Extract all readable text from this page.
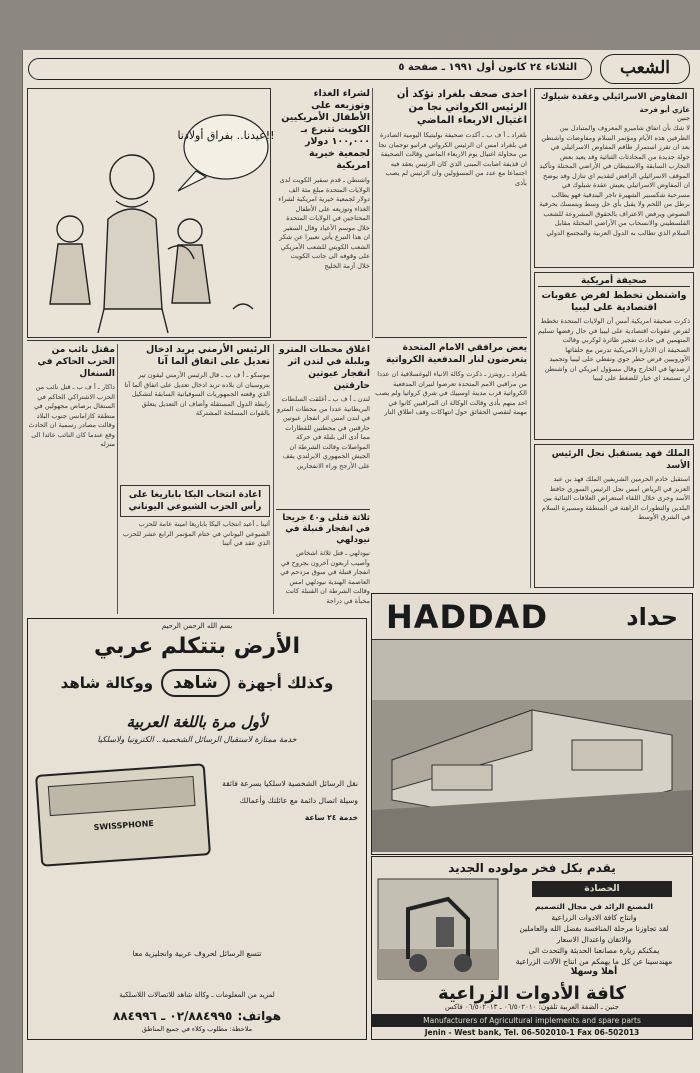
الثلاثاء ٢٤ كانون أول ١٩٩١ ـ صفحة ٥	الشعب
عيدنا.. بفراق أولادنا!!
لشراء الغذاء وتوزيعه على الأطفال الأمريكيين الكويت تتبرع بـ ١٠٠,٠٠٠ دولار لجمعية خيرية امريكية
واشنطن ـ قدم سفير الكويت لدى الولايات المتحدة مبلغ مئة الف دولار لجمعية خيرية امريكية لشراء الغذاء وتوزيعه على الأطفال المحتاجين في الولايات المتحدة خلال موسم الأعياد وقال السفير ان هذا التبرع يأتي تعبيرا عن شكر الشعب الكويتي للشعب الأمريكي على وقوفه الى جانب الكويت خلال أزمة الخليج
احدى صحف بلغراد تؤكد أن الرئيس الكرواتي نجا من اغتيال الاربعاء الماضي
بلغراد ـ أ ف ب ـ أكدت صحيفة بوليتيكا اليومية الصادرة في بلغراد امس ان الرئيس الكرواتي فرانيو توجمان نجا من محاولة اغتيال يوم الاربعاء الماضي وقالت الصحيفة ان قذيفة اصابت المبنى الذي كان الرئيس يعقد فيه اجتماعا مع عدد من المسؤولين وان الرئيس لم يصب بأذى
يعض مرافقي الامام المتحدة يتعرضون لنار المدفعية الكرواتية
بلغراد ـ رويترز ـ ذكرت وكالة الانباء اليوغسلافية ان عددا من مراقبي الامم المتحدة تعرضوا لنيران المدفعية الكرواتية قرب مدينة اوسييك في شرق كرواتيا ولم يصب احد منهم بأذى وقالت الوكالة ان المراقبين كانوا في مهمة لتقصي الحقائق حول انتهاكات وقف اطلاق النار
المفاوض الاسرائيلي وعقدة شيلوك
غازي أبو فرحة
جنين
لا شك بأن اتفاق شاميرو المعروف والمتبادل بين الطرفين هذه الأيام ومؤتمر السلام ومفاوضات واشنطن بعد ان تقرر استمرار طاقم المفاوض الاسرائيلي في جولة جديدة من المحادثات الثنائية وقد يعيد بعض التجارب السابقة والاستيطان في الأراضي المحتلة وتأكيد الموقف الاسرائيلي الرافض لتقديم اي تنازل وقد يوضح ان المفاوض الاسرائيلي يعيش عقدة شيلوك في مسرحية شكسبير الشهيرة تاجر البندقية فهو يطالب برطل من اللحم ولا يقبل بأي حل وسط ويتمسك بحرفية النصوص ويرفض الاعتراف بالحقوق المشروعة للشعب الفلسطيني والانسحاب من الأراضي المحتلة مقابل السلام الذي تطالب به الدول العربية والمجتمع الدولي
صحيفة أمريكية
واشنطن تخطط لفرض عقوبات اقتصادية على ليبيا
ذكرت صحيفة امريكية أمس أن الولايات المتحدة تخطط لفرض عقوبات اقتصادية على ليبيا في حال رفضها تسليم المتهمين في حادث تفجير طائرة لوكربي وقالت الصحيفة ان الادارة الامريكية تدرس مع حلفائها الأوروبيين فرض حظر جوي ونفطي على ليبيا وتجميد ارصدتها في الخارج وقال مسؤول امريكي ان واشنطن لن تستبعد اي خيار للضغط على ليبيا
الملك فهد يستقبل نجل الرئيس الأسد
استقبل خادم الحرمين الشريفين الملك فهد بن عبد العزيز في الرياض امس نجل الرئيس السوري حافظ الأسد وجرى خلال اللقاء استعراض العلاقات الثنائية بين البلدين والتطورات الراهنة في المنطقة ومسيرة السلام في الشرق الأوسط
اغلاق محطات المترو وبلبلة في لندن اثر انفجار عبوتين حارقتين
لندن ـ أ ف ب ـ أغلقت السلطات البريطانية عددا من محطات المترو في لندن امس اثر انفجار عبوتين حارقتين في محطتين للقطارات مما أدى الى بلبلة في حركة المواصلات وقالت الشرطة ان الجيش الجمهوري الايرلندي يقف على الأرجح وراء الانفجارين
ثلاثة قتلى و٤٠ جريحا في انفجار قنبلة في نيودلهي
نيودلهي ـ قتل ثلاثة اشخاص وأصيب اربعون آخرون بجروح في انفجار قنبلة في سوق مزدحم في العاصمة الهندية نيودلهي امس وقالت الشرطة ان القنبلة كانت مخبأة في دراجة
الرئيس الأرمني يريد ادخال تعديل على اتفاق ألما آتا
موسكو ـ أ ف ب ـ قال الرئيس الأرمني ليفون تير بتروسيان ان بلاده تريد ادخال تعديل على اتفاق ألما آتا الذي وقعته الجمهوريات السوفياتية السابقة لتشكيل رابطة الدول المستقلة وأضاف ان التعديل يتعلق بالقوات المسلحة المشتركة
اعادة انتخاب اليكا باباريغا على رأس الحزب الشيوعي اليوناني
أثينا ـ أعيد انتخاب اليكا باباريغا امينة عامة للحزب الشيوعي اليوناني في ختام المؤتمر الرابع عشر للحزب الذي عقد في أثينا
مقتل نائب من الحزب الحاكم في السنغال
داكار ـ أ ف ب ـ قتل نائب من الحزب الاشتراكي الحاكم في السنغال برصاص مجهولين في منطقة كازامانس جنوب البلاد وقالت مصادر رسمية ان الحادث وقع عندما كان النائب عائدا الى منزله
بسم الله الرحمن الرحيم
الأرض بتتكلم عربي
وكذلك أجهزة
شاهد
ووكالة شاهد
لأول مرة باللغة العربية
خدمة ممتازة لاستقبال الرسائل الشخصية.. الكترونيا ولاسلكيا
SWISSPHONE
نقل الرسائل الشخصية لاسلكيا بسرعة فائقة
وسيلة اتصال دائمة مع عائلتك وأعمالك
خدمة ٢٤ ساعة
تتسع الرسائل لحروف عربية وانجليزية معا
لمزيد من المعلومات ـ وكالة شاهد للاتصالات اللاسلكية
هواتف: ٠٢/٨٨٤٩٩٥ ـ ٨٨٤٩٩٦
ملاحظة: مطلوب وكلاء في جميع المناطق
HADDAD	حداد
يقدم بكل فخر مولوده الجديد
الحصادة
المصنع الرائد في مجال التصميم
وانتاج كافة الادوات الزراعية
لقد تجاوزنا مرحلة المنافسة بفضل الله والعاملين
والاتقان واعتدال الاسعار
يمكنكم زيارة مصانعنا الحديثة والتحدث الى
مهندسينا عن كل ما يهمكم من انتاج الآلات الزراعية
أهلا وسهلا
كافة الأدوات الزراعية
جنين ـ الضفة الغربية تلفون: ٠٦/٥٠٢٠١٠ ـ ٠٦/٥٠٢٠١٣ فاكس
Manufacturers of Agricultural implements and spare parts
Jenin - West bank, Tel. 06-502010-1 Fax 06-502013
